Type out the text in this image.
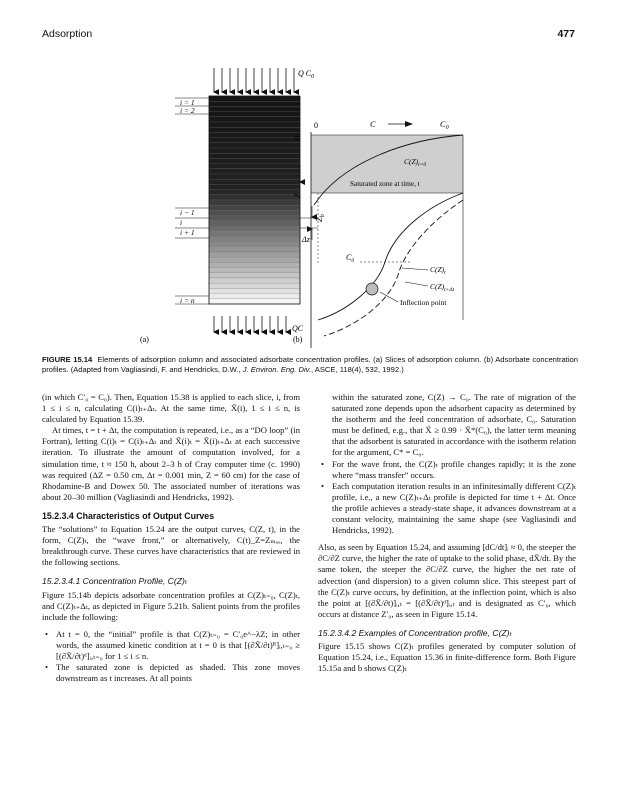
Adsorption	477
Q $C_0$
i = 1
i = 2
i − 1
i
i + 1
i = n
Δz
QC
(a)
0	C	$C_0$
0
Z
$Z_b$
$C(Z)_{t=0}$
Saturated zone at time, t
$C_0$
Inflection point
$C(Z)_t$
$C(Z)_{t+\Delta t}$
(b)
FIGURE 15.14 Elements of adsorption column and associated adsorbate concentration profiles. (a) Slices of adsorption column. (b) Adsorbate concentration profiles. (Adapted from Vagliasindi, F. and Hendricks, D.W., J. Environ. Eng. Div., ASCE, 118(4), 532, 1992.)

(in which C′₀ = C₀). Then, Equation 15.38 is applied to each slice, i, from 1 ≤ i ≤ n, calculating C(i)ₜ₊Δₜ. At the same time, X̄(i), 1 ≤ i ≤ n, is calculated by Equation 15.39.

At times, t = t + Δt, the computation is repeated, i.e., as a “DO loop” (in Fortran), letting C(i)ₜ = C(i)ₜ₊Δₜ and X̄(i)ₜ = X̄(i)ₜ₊Δₜ at each successive iteration. To illustrate the amount of computation involved, for a simulation time, t ≈ 150 h, about 2–3 h of Cray computer time (c. 1990) was required (ΔZ = 0.50 cm, Δt = 0.001 min, Z = 60 cm) for the case of Rhodamine-B and Dowex 50. The associated number of iterations was about 20–30 million (Vagliasindi and Hendricks, 1992).

15.2.3.4 Characteristics of Output Curves

The “solutions” to Equation 15.24 are the output curves, C(Z, t), in the form, C(Z)ₜ, the “wave front,” or alternatively, C(t)_Z=Zₘₐₓ, the breakthrough curve. These curves have characteristics that are reviewed in the following sections.

15.2.3.4.1 Concentration Profile, C(Z)ₜ

Figure 15.14b depicts adsorbate concentration profiles at C(Z)ₜ₌₀, C(Z)ₜ, and C(Z)ₜ₊Δₜ, as depicted in Figure 5.21b. Salient points from the profiles include the following:

• At t = 0, the “initial” profile is that C(Z)ₜ₌₀ = C′₀e^−λZ; in other words, the assumed kinetic condition at t = 0 is that [(∂X̄/∂t)ᴿ]ᵢ,ₜ₌₀ ≥ [(∂X̄/∂t)ᵈ]ᵢ,ₜ₌₀ for 1 ≤ i ≤ n.
• The saturated zone is depicted as shaded. This zone moves downstream as t increases. At all points

within the saturated zone, C(Z) → C₀. The rate of migration of the saturated zone depends upon the adsorbent capacity as determined by the isotherm and the feed concentration of adsorbate, C₀. Saturation must be defined, e.g., that X̄ ≥ 0.99 · X̄*(C₀), the latter term meaning that the adsorbent is saturated in accordance with the isotherm relation for the argument, C* = C₀.

• For the wave front, the C(Z)ₜ profile changes rapidly; it is the zone where “mass transfer” occurs.
• Each computation iteration results in an infinitesimally different C(Z)ₜ profile, i.e., a new C(Z)ₜ₊Δₜ profile is depicted for time t + Δt. Once the profile achieves a steady-state shape, it advances downstream at a constant velocity, maintaining the same shape (see Vagliasindi and Hendricks, 1992).

Also, as seen by Equation 15.24, and assuming [dC/dt]ᵢ ≈ 0, the steeper the ∂C/∂Z curve, the higher the rate of uptake to the solid phase, dX̄/dt. By the same token, the steeper the ∂C/∂Z curve, the higher the net rate of advection (and dispersion) to a given column slice. This steepest part of the C(Z)ₜ curve occurs, by definition, at the inflection point, which is also the point at [(∂X̄/∂t)]ᵢ,ₜ = [(∂X̄/∂t)ᵈ]ᵢ,ₜ and is designated as C′₀, which occurs at distance Z′₀, as seen in Figure 15.14.

15.2.3.4.2 Examples of Concentration profile, C(Z)ₜ

Figure 15.15 shows C(Z)ₜ profiles generated by computer solution of Equation 15.24, i.e., Equation 15.36 in finite-difference form. Both Figure 15.15a and b shows C(Z)ₜ
